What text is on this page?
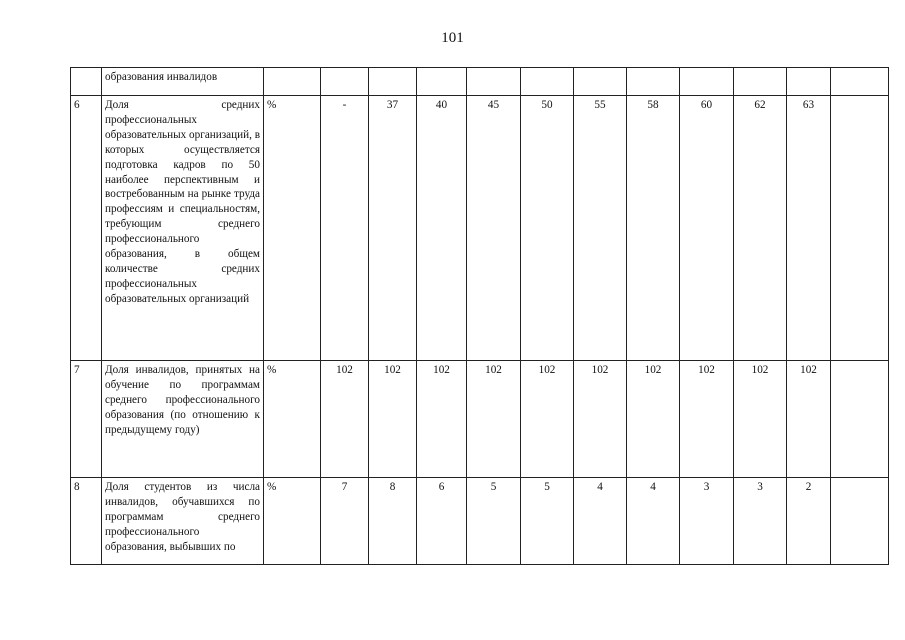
101
	образования инвалидов												
6	Доля средних профессиональных образовательных организаций, в которых осуществляется подготовка кадров по 50 наиболее перспективным и востребованным на рынке труда профессиям и специальностям, требующим среднего профессионального образования, в общем количестве средних профессиональных образовательных организаций	%	-	37	40	45	50	55	58	60	62	63	
7	Доля инвалидов, принятых на обучение по программам среднего профессионального образования (по отношению к предыдущему году)	%	102	102	102	102	102	102	102	102	102	102	
8	Доля студентов из числа инвалидов, обучавшихся по программам среднего профессионального образования, выбывших по	%	7	8	6	5	5	4	4	3	3	2	
